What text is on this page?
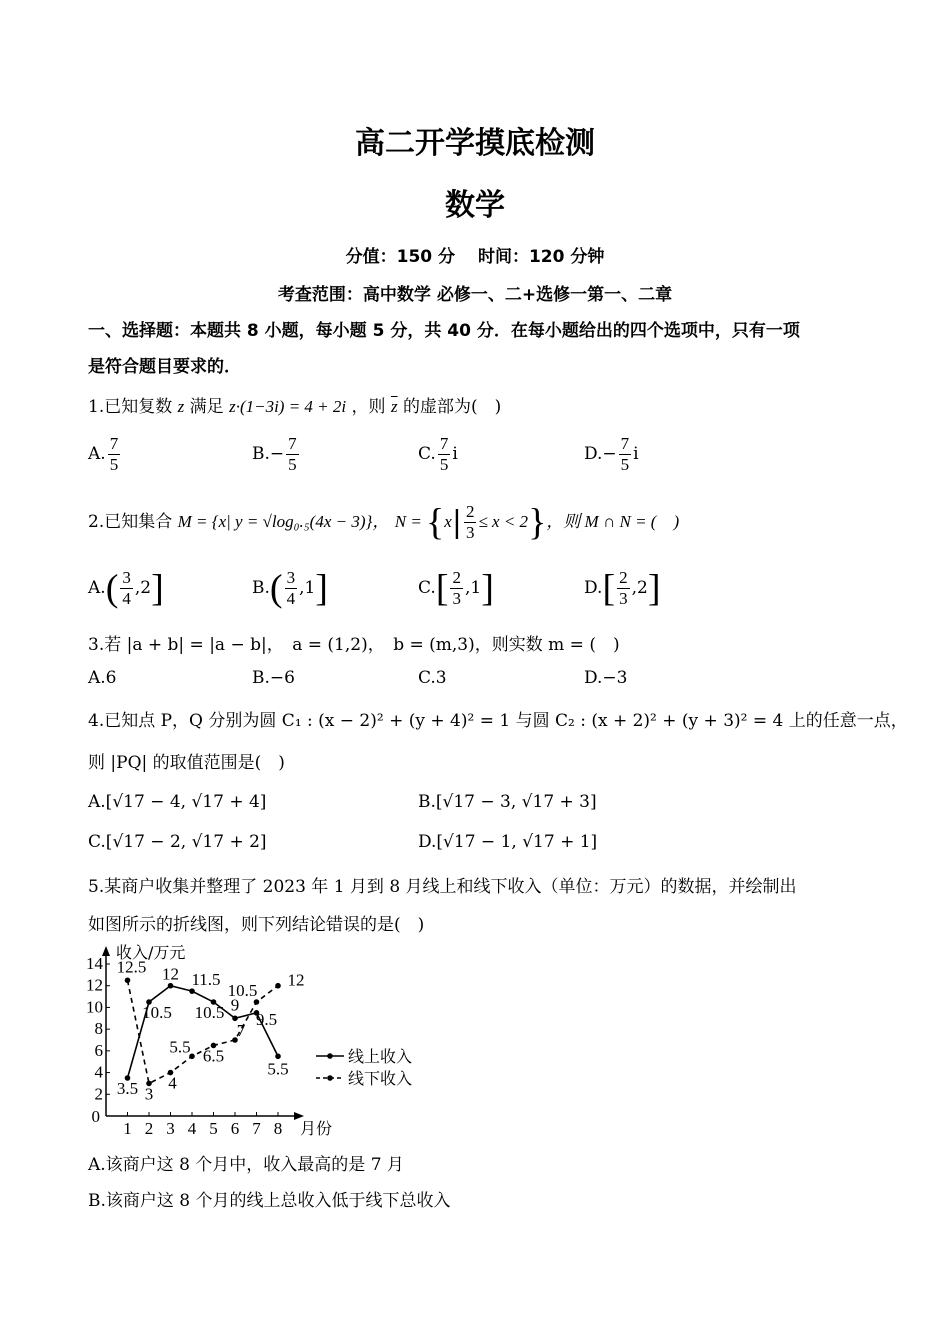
高二开学摸底检测
数学
分值：150 分　 时间：120 分钟
考查范围：高中数学 必修一、二+选修一第一、二章
一、选择题：本题共 8 小题，每小题 5 分，共 40 分．在每小题给出的四个选项中，只有一项
是符合题目要求的．
1.已知复数 z 满足 z·(1−3i) = 4 + 2i ，则 $\overline{z}$ 的虚部为(　)
A. $\frac{7}{5}$	$B.- \frac{7}{5}$	C. $\frac{7}{5}$ i	$D.- \frac{7}{5}$ i
2.已知集合 M = {x| y = √log₀.₅(4x − 3)}， $N = \{x| \frac{2}{3} \le x < 2\}$，则 M ∩ N = (　)
$A.( \frac{3}{4} ,2]$	$B.( \frac{3}{4} ,1]$	$C.[ \frac{2}{3} ,1]$	$D.[ \frac{2}{3} ,2]$
3.若 |a + b| = |a − b|，　a = (1,2)，　b = (m,3)，则实数 m = (　)
A.6	B.−6	C.3	D.−3
4.已知点 P，Q 分别为圆 C₁ : (x − 2)² + (y + 4)² = 1 与圆 C₂ : (x + 2)² + (y + 3)² = 4 上的任意一点，
则 |PQ| 的取值范围是(　)
A.[√17 − 4, √17 + 4]	B.[√17 − 3, √17 + 3]
C.[√17 − 2, √17 + 2]	D.[√17 − 1, √17 + 1]
5.某商户收集并整理了 2023 年 1 月到 8 月线上和线下收入（单位：万元）的数据，并绘制出
如图所示的折线图，则下列结论错误的是(　)
收入/万元
月份
0
2
4
6
8
10
12
14
1 2 3 4 5 6 7 8
3.5
10.5
12 11.5
10.5 9
9.5
5.5
12.5
3
4
5.5 6.5
7
10.5
12
线上收入
线下收入
A.该商户这 8 个月中，收入最高的是 7 月
B.该商户这 8 个月的线上总收入低于线下总收入
